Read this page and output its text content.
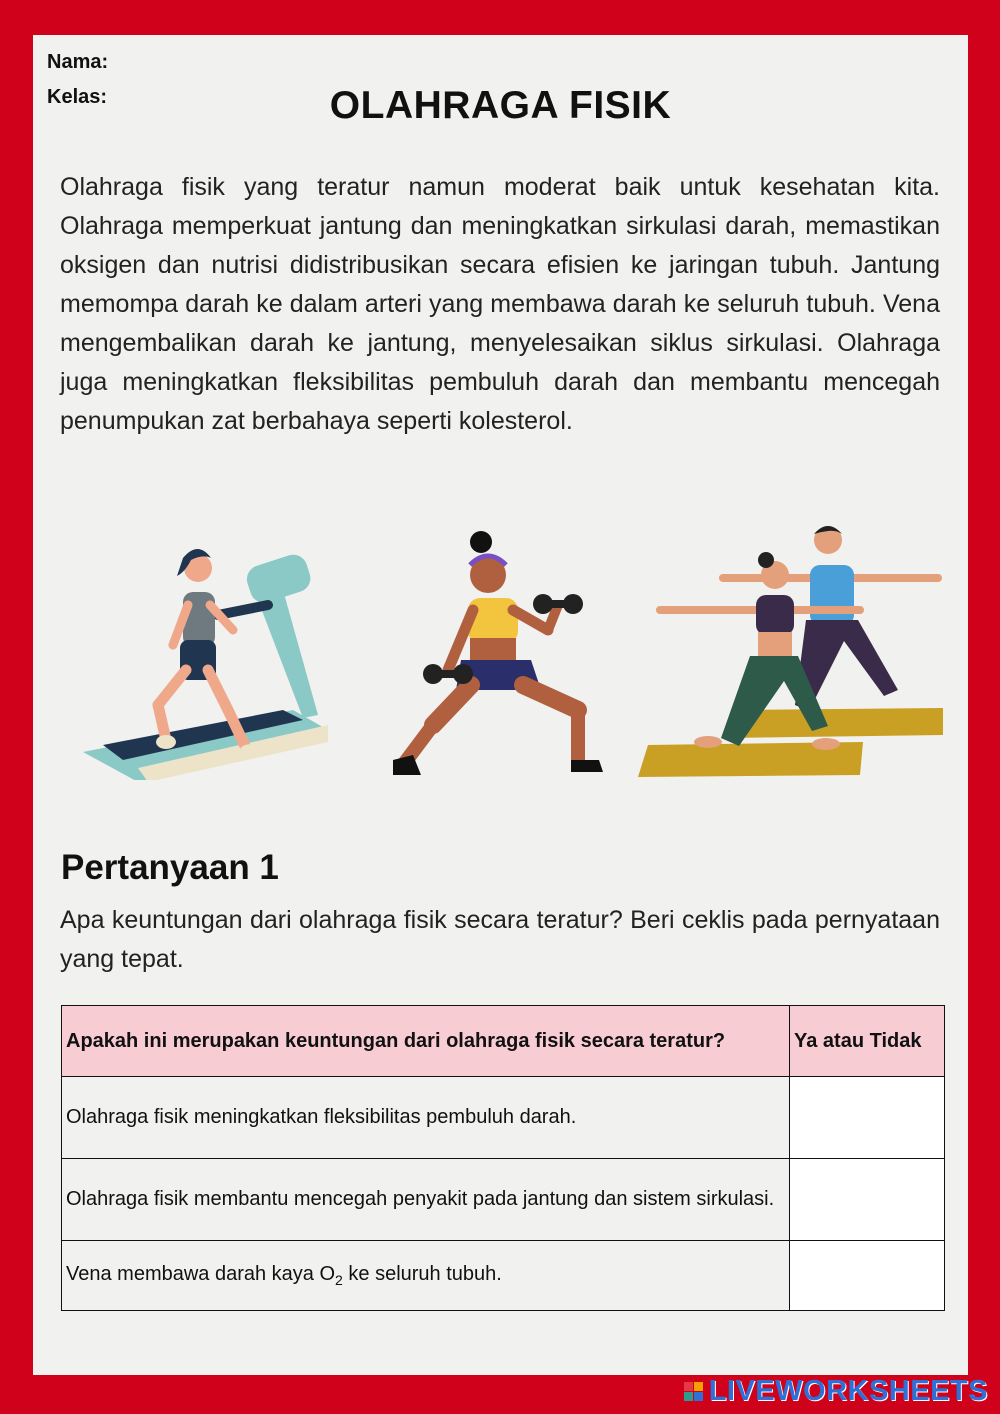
Nama:
Kelas:	OLAHRAGA FISIK
Olahraga fisik yang teratur namun moderat baik untuk kesehatan kita. Olahraga memperkuat jantung dan meningkatkan sirkulasi darah, memastikan oksigen dan nutrisi didistribusikan secara efisien ke jaringan tubuh. Jantung memompa darah ke dalam arteri yang membawa darah ke seluruh tubuh. Vena mengembalikan darah ke jantung, menyelesaikan siklus sirkulasi. Olahraga juga meningkatkan fleksibilitas pembuluh darah dan membantu mencegah penumpukan zat berbahaya seperti kolesterol.
Pertanyaan 1
Apa keuntungan dari olahraga fisik secara teratur? Beri ceklis pada pernyataan yang tepat.
Apakah ini merupakan keuntungan dari olahraga fisik secara teratur?	Ya atau Tidak
Olahraga fisik meningkatkan fleksibilitas pembuluh darah.	
Olahraga fisik membantu mencegah penyakit pada jantung dan sistem sirkulasi.	
Vena membawa darah kaya $O_2$ ke seluruh tubuh.	
LIVEWORKSHEETS
